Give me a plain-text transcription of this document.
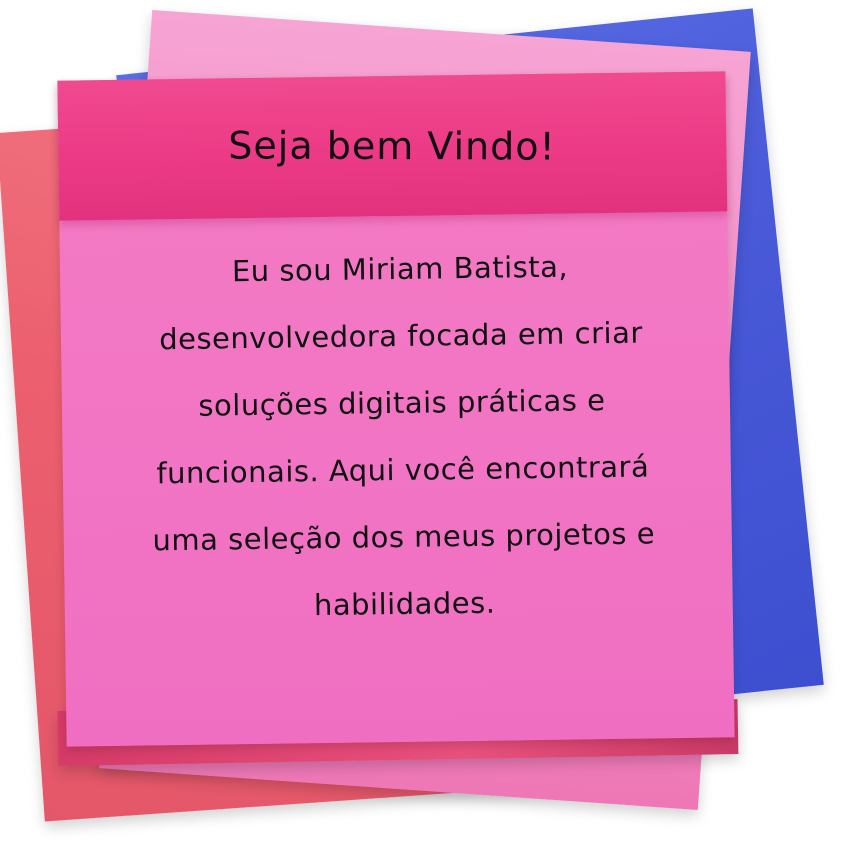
Seja bem Vindo!

Eu sou Miriam Batista, desenvolvedora focada em criar soluções digitais práticas e funcionais. Aqui você encontrará uma seleção dos meus projetos e habilidades.
